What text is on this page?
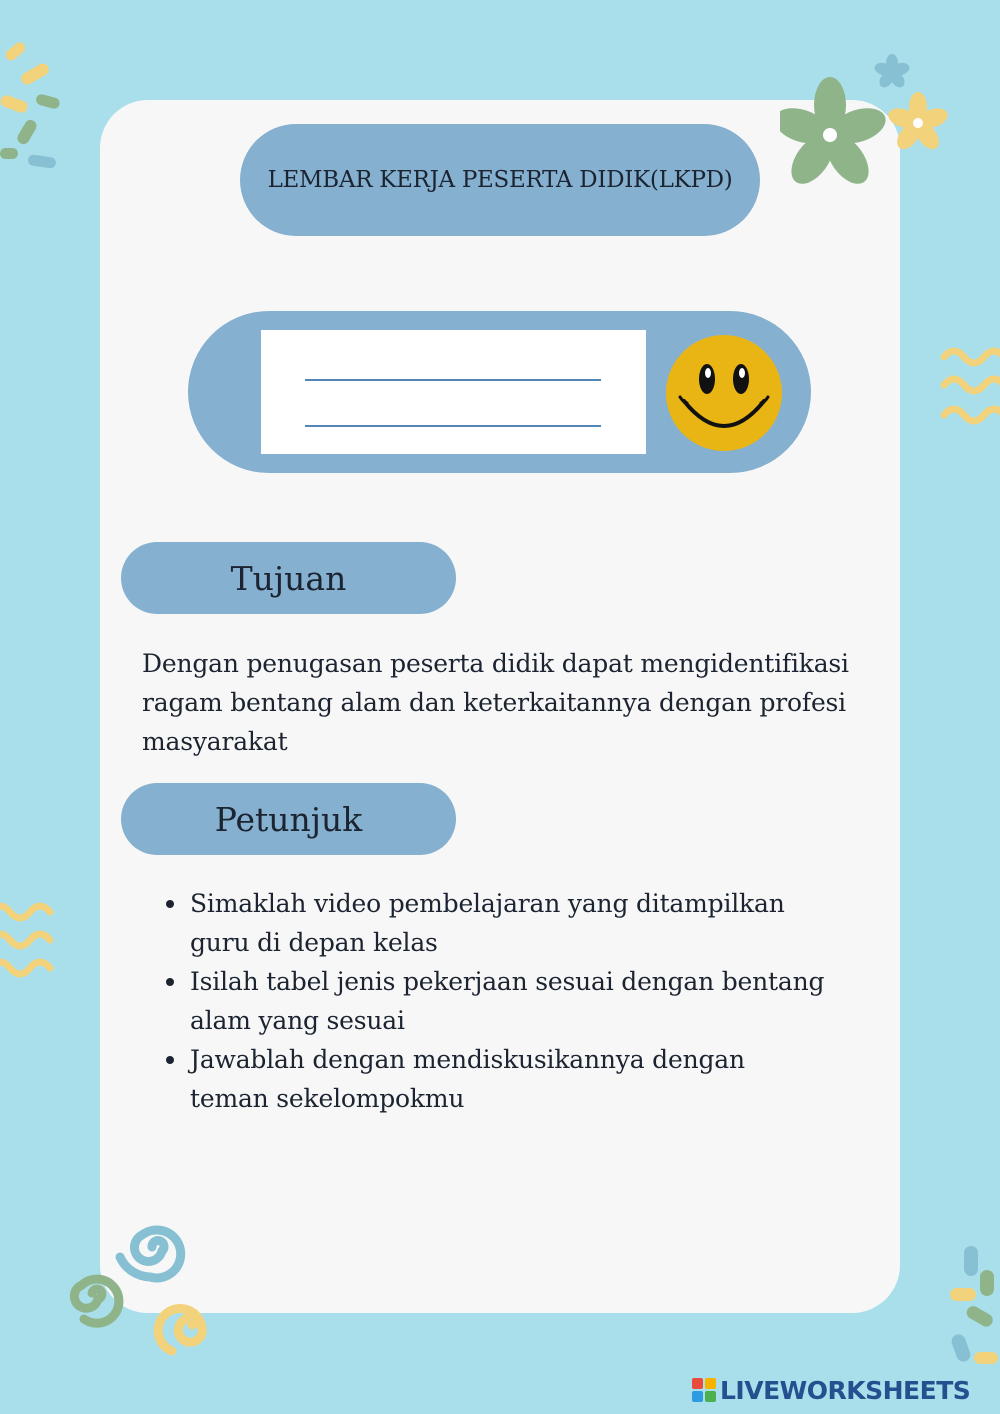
LEMBAR KERJA PESERTA DIDIK(LKPD)
Tujuan

Dengan penugasan peserta didik dapat mengidentifikasi
ragam bentang alam dan keterkaitannya dengan profesi
masyarakat

Petunjuk
Simaklah video pembelajaran yang ditampilkan
guru di depan kelas
Isilah tabel jenis pekerjaan sesuai dengan bentang
alam yang sesuai
Jawablah dengan mendiskusikannya dengan
teman sekelompokmu
LIVEWORKSHEETS
